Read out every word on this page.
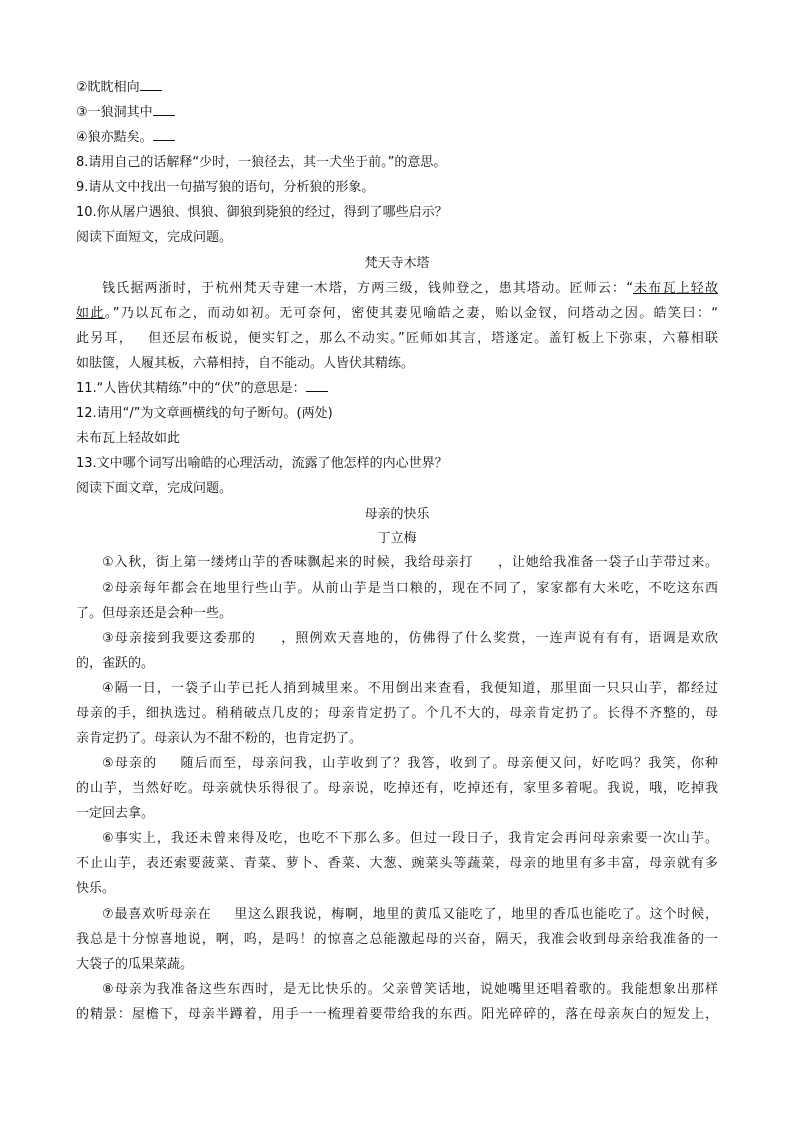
②眈眈相向
③一狼洞其中
④狼亦黠矣。
8.请用自己的话解释“少时，一狼径去，其一犬坐于前。”的意思。
9.请从文中找出一句描写狼的语句，分析狼的形象。
10.你从屠户遇狼、惧狼、御狼到毙狼的经过，得到了哪些启示？
阅读下面短文，完成问题。
梵天寺木塔
钱氏据两浙时，于杭州梵天寺建一木塔，方两三级，钱帅登之，患其塔动。匠师云：“未布瓦上轻故
如此。”乃以瓦布之，而动如初。无可奈何，密使其妻见喻皓之妻，贻以金钗，问塔动之因。皓笑曰：“
此另耳， 但还层布板说，便实钉之，那么不动实。”匠师如其言，塔遂定。盖钉板上下弥束，六幕相联
如胠箧，人履其板，六幕相持，自不能动。人皆伏其精练。
11.“人皆伏其精练”中的“伏”的意思是：
12.请用“/”为文章画横线的句子断句。(两处)
未布瓦上轻故如此
13.文中哪个词写出喻皓的心理活动，流露了他怎样的内心世界？
阅读下面文章，完成问题。
母亲的快乐
丁立梅
①入秋，街上第一缕烤山芋的香味飘起来的时候，我给母亲打 ，让她给我准备一袋子山芋带过来。
②母亲每年都会在地里行些山芋。从前山芋是当口粮的，现在不同了，家家都有大米吃，不吃这东西
了。但母亲还是会种一些。
③母亲接到我要这委那的 ，照例欢天喜地的，仿佛得了什么奖赏，一连声说有有有，语调是欢欣
的，雀跃的。
④隔一日，一袋子山芋已托人捎到城里来。不用倒出来查看，我便知道，那里面一只只山芋，都经过
母亲的手，细执选过。稍稍破点几皮的；母亲肯定扔了。个几不大的，母亲肯定扔了。长得不齐整的，母
亲肯定扔了。母亲认为不甜不粉的，也肯定扔了。
⑤母亲的 随后而至，母亲问我，山芋收到了？我答，收到了。母亲便又问，好吃吗？我笑，你种
的山芋，当然好吃。母亲就快乐得很了。母亲说，吃掉还有，吃掉还有，家里多着呢。我说，哦，吃掉我
一定回去拿。
⑥事实上，我还未曾来得及吃，也吃不下那么多。但过一段日子，我肯定会再问母亲索要一次山芋。
不止山芋，表还索要菠菜、青菜、萝卜、香菜、大葱、豌菜头等蔬菜，母亲的地里有多丰富，母亲就有多
快乐。
⑦最喜欢听母亲在 里这么跟我说，梅啊，地里的黄瓜又能吃了，地里的香瓜也能吃了。这个时候，
我总是十分惊喜地说，啊，呜，是吗！的惊喜之总能激起母的兴奋，隔天，我准会收到母亲给我准备的一
大袋子的瓜果菜蔬。
⑧母亲为我准备这些东西时，是无比快乐的。父亲曾笑话地，说她嘴里还唱着歌的。我能想象出那样
的精景：屋檐下，母亲半蹲着，用手一一梳理着要带给我的东西。阳光碎碎的，落在母亲灰白的短发上，
